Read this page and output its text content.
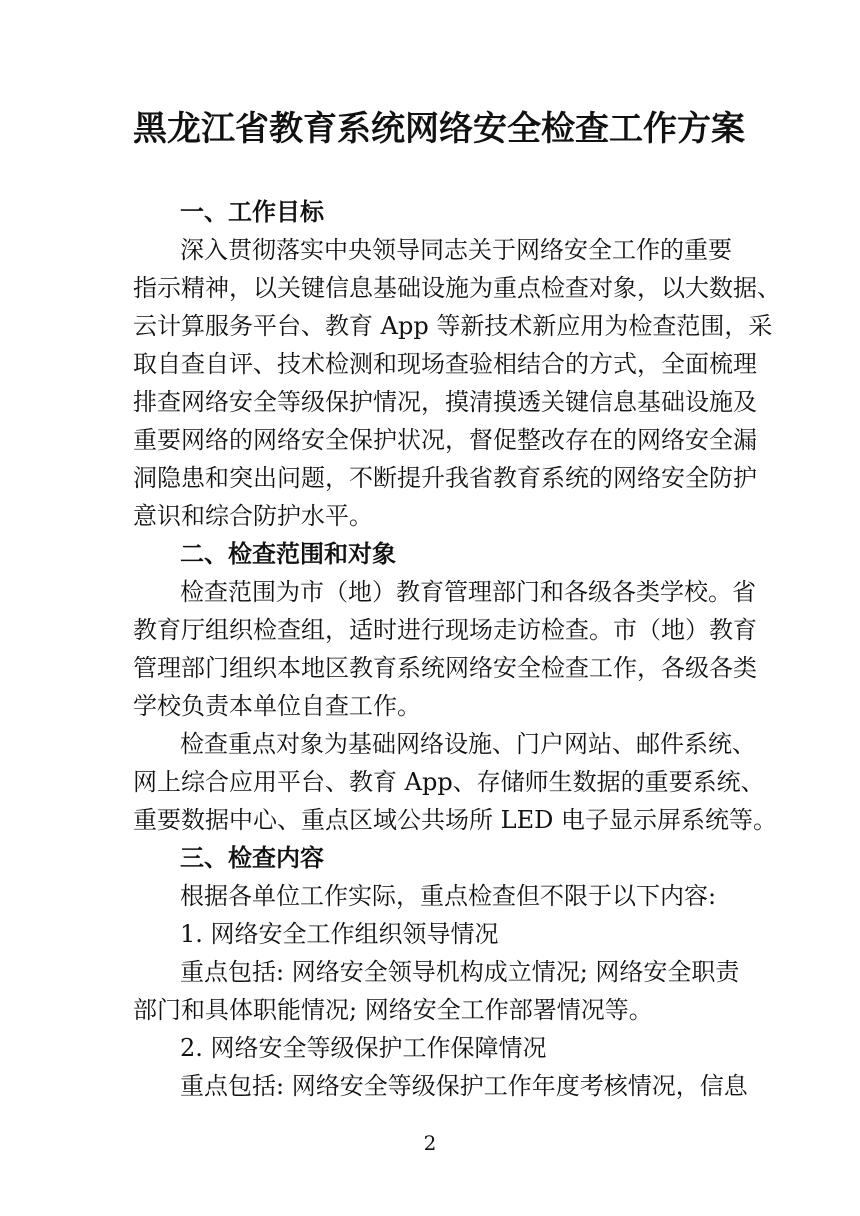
黑龙江省教育系统网络安全检查工作方案
一、工作目标
深入贯彻落实中央领导同志关于网络安全工作的重要
指示精神，以关键信息基础设施为重点检查对象，以大数据、
云计算服务平台、教育 App 等新技术新应用为检查范围，采
取自查自评、技术检测和现场查验相结合的方式，全面梳理
排查网络安全等级保护情况，摸清摸透关键信息基础设施及
重要网络的网络安全保护状况，督促整改存在的网络安全漏
洞隐患和突出问题，不断提升我省教育系统的网络安全防护
意识和综合防护水平。
二、检查范围和对象
检查范围为市（地）教育管理部门和各级各类学校。省
教育厅组织检查组，适时进行现场走访检查。市（地）教育
管理部门组织本地区教育系统网络安全检查工作，各级各类
学校负责本单位自查工作。
检查重点对象为基础网络设施、门户网站、邮件系统、
网上综合应用平台、教育 App、存储师生数据的重要系统、
重要数据中心、重点区域公共场所 LED 电子显示屏系统等。
三、检查内容
根据各单位工作实际，重点检查但不限于以下内容:
1. 网络安全工作组织领导情况
重点包括: 网络安全领导机构成立情况; 网络安全职责
部门和具体职能情况; 网络安全工作部署情况等。
2. 网络安全等级保护工作保障情况
重点包括: 网络安全等级保护工作年度考核情况，信息
2
